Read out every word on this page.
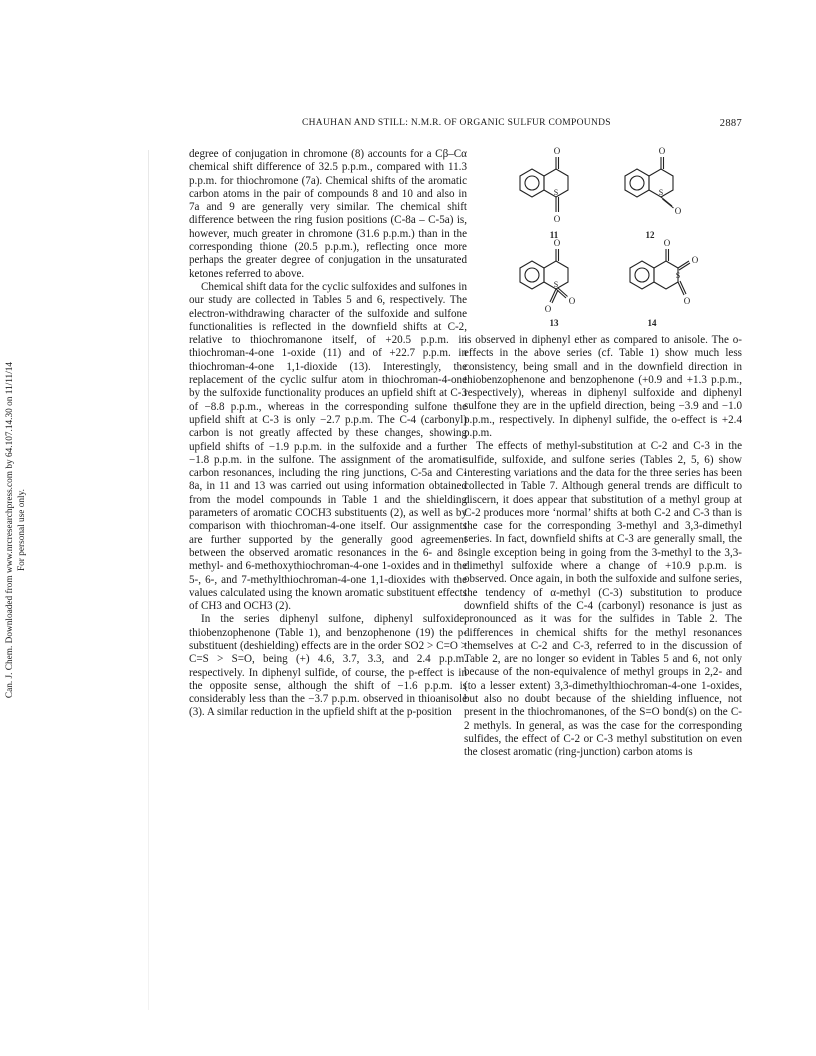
CHAUHAN AND STILL: N.M.R. OF ORGANIC SULFUR COMPOUNDS	2887
Can. J. Chem. Downloaded from www.nrcresearchpress.com by 64.107.14.30 on 11/11/14 For personal use only.

degree of conjugation in chromone (8) accounts for a Cβ–Cα chemical shift difference of 32.5 p.p.m., compared with 11.3 p.p.m. for thiochromone (7a). Chemical shifts of the aromatic carbon atoms in the pair of compounds 8 and 10 and also in 7a and 9 are generally very similar. The chemical shift difference between the ring fusion positions (C-8a – C-5a) is, however, much greater in chromone (31.6 p.p.m.) than in the corresponding thione (20.5 p.p.m.), reflecting once more perhaps the greater degree of conjugation in the unsaturated ketones referred to above.

Chemical shift data for the cyclic sulfoxides and sulfones in our study are collected in Tables 5 and 6, respectively. The electron-withdrawing character of the sulfoxide and sulfone functionalities is reflected in the downfield shifts at C-2, relative to thiochromanone itself, of +20.5 p.p.m. in thiochroman-4-one 1-oxide (11) and of +22.7 p.p.m. in thiochroman-4-one 1,1-dioxide (13). Interestingly, the replacement of the cyclic sulfur atom in thiochroman-4-one by the sulfoxide functionality produces an upfield shift at C-3 of −8.8 p.p.m., whereas in the corresponding sulfone the upfield shift at C-3 is only −2.7 p.p.m. The C-4 (carbonyl) carbon is not greatly affected by these changes, showing upfield shifts of −1.9 p.p.m. in the sulfoxide and a further −1.8 p.p.m. in the sulfone. The assignment of the aromatic carbon resonances, including the ring junctions, C-5a and C-8a, in 11 and 13 was carried out using information obtained from the model compounds in Table 1 and the shielding parameters of aromatic COCH3 substituents (2), as well as by comparison with thiochroman-4-one itself. Our assignments are further supported by the generally good agreement between the observed aromatic resonances in the 6- and 8-methyl- and 6-methoxythiochroman-4-one 1-oxides and in the 5-, 6-, and 7-methylthiochroman-4-one 1,1-dioxides with the values calculated using the known aromatic substituent effects of CH3 and OCH3 (2).

In the series diphenyl sulfone, diphenyl sulfoxide, thiobenzophenone (Table 1), and benzophenone (19) the p-substituent (deshielding) effects are in the order SO2 > C=O > C=S > S=O, being (+) 4.6, 3.7, 3.3, and 2.4 p.p.m. respectively. In diphenyl sulfide, of course, the p-effect is in the opposite sense, although the shift of −1.6 p.p.m. is considerably less than the −3.7 p.p.m. observed in thioanisole (3). A similar reduction in the upfield shift at the p-position

O
S
O
11
O
S
O
12
O
S
O
O
13
O
S
O
O
14

is observed in diphenyl ether as compared to anisole. The o-effects in the above series (cf. Table 1) show much less consistency, being small and in the downfield direction in thiobenzophenone and benzophenone (+0.9 and +1.3 p.p.m., respectively), whereas in diphenyl sulfoxide and diphenyl sulfone they are in the upfield direction, being −3.9 and −1.0 p.p.m., respectively. In diphenyl sulfide, the o-effect is +2.4 p.p.m.

The effects of methyl-substitution at C-2 and C-3 in the sulfide, sulfoxide, and sulfone series (Tables 2, 5, 6) show interesting variations and the data for the three series has been collected in Table 7. Although general trends are difficult to discern, it does appear that substitution of a methyl group at C-2 produces more ‘normal’ shifts at both C-2 and C-3 than is the case for the corresponding 3-methyl and 3,3-dimethyl series. In fact, downfield shifts at C-3 are generally small, the single exception being in going from the 3-methyl to the 3,3-dimethyl sulfoxide where a change of +10.9 p.p.m. is observed. Once again, in both the sulfoxide and sulfone series, the tendency of α-methyl (C-3) substitution to produce downfield shifts of the C-4 (carbonyl) resonance is just as pronounced as it was for the sulfides in Table 2. The differences in chemical shifts for the methyl resonances themselves at C-2 and C-3, referred to in the discussion of Table 2, are no longer so evident in Tables 5 and 6, not only because of the non-equivalence of methyl groups in 2,2- and (to a lesser extent) 3,3-dimethylthiochroman-4-one 1-oxides, but also no doubt because of the shielding influence, not present in the thiochromanones, of the S=O bond(s) on the C-2 methyls. In general, as was the case for the corresponding sulfides, the effect of C-2 or C-3 methyl substitution on even the closest aromatic (ring-junction) carbon atoms is
